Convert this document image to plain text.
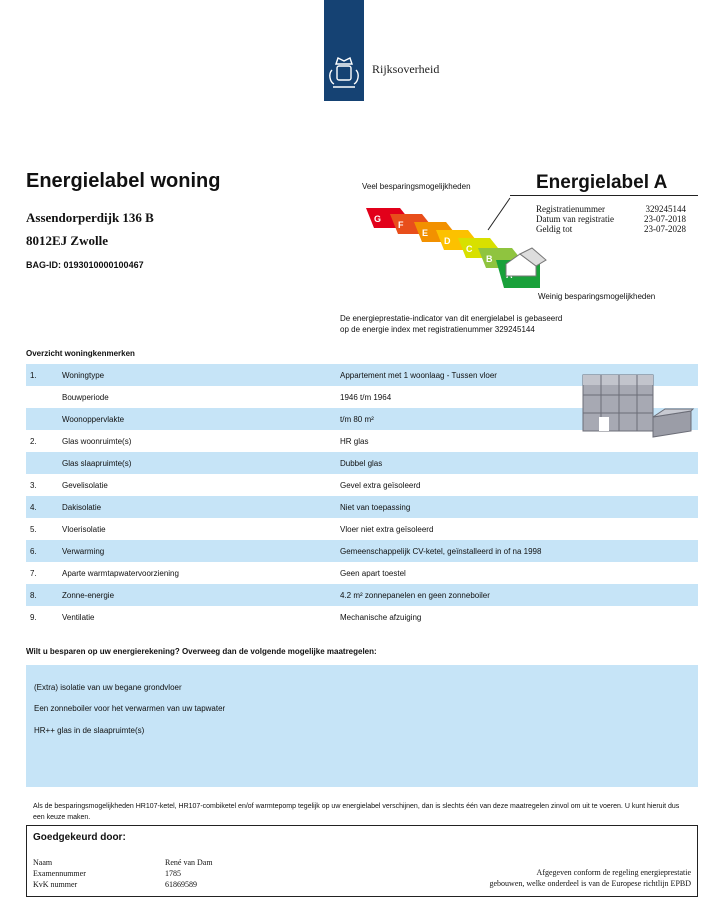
Rijksoverheid
Energielabel woning
Assendorperdijk 136 B
8012EJ Zwolle
BAG-ID: 0193010000100467
Veel besparingsmogelijkheden
G
F
E
D
C
B
Weinig besparingsmogelijkheden
Energielabel A
Registratienummer	329245144
Datum van registratie	23-07-2018
Geldig tot	23-07-2028
De energieprestatie-indicator van dit energielabel is gebaseerd
op de energie index met registratienummer 329245144
Overzicht woningkenmerken
1.	Woningtype	Appartement met 1 woonlaag - Tussen vloer
Bouwperiode	1946 t/m 1964
Woonoppervlakte	t/m 80 m²
2.	Glas woonruimte(s)	HR glas
Glas slaapruimte(s)	Dubbel glas
3.	Gevelisolatie	Gevel extra geïsoleerd
4.	Dakisolatie	Niet van toepassing
5.	Vloerisolatie	Vloer niet extra geïsoleerd
6.	Verwarming	Gemeenschappelijk CV-ketel, geïnstalleerd in of na 1998
7.	Aparte warmtapwatervoorziening	Geen apart toestel
8.	Zonne-energie	4.2 m² zonnepanelen en geen zonneboiler
9.	Ventilatie	Mechanische afzuiging
Wilt u besparen op uw energierekening? Overweeg dan de volgende mogelijke maatregelen:
(Extra) isolatie van uw begane grondvloer
Een zonneboiler voor het verwarmen van uw tapwater
HR++ glas in de slaapruimte(s)
Als de besparingsmogelijkheden HR107-ketel, HR107-combiketel en/of warmtepomp tegelijk op uw energielabel verschijnen, dan is slechts één van deze maatregelen zinvol om uit te voeren. U kunt hieruit dus een keuze maken.
Goedgekeurd door:
Naam	René van Dam
Examennummer	1785
KvK nummer	61869589
Afgegeven conform de regeling energieprestatie
gebouwen, welke onderdeel is van de Europese richtlijn EPBD
